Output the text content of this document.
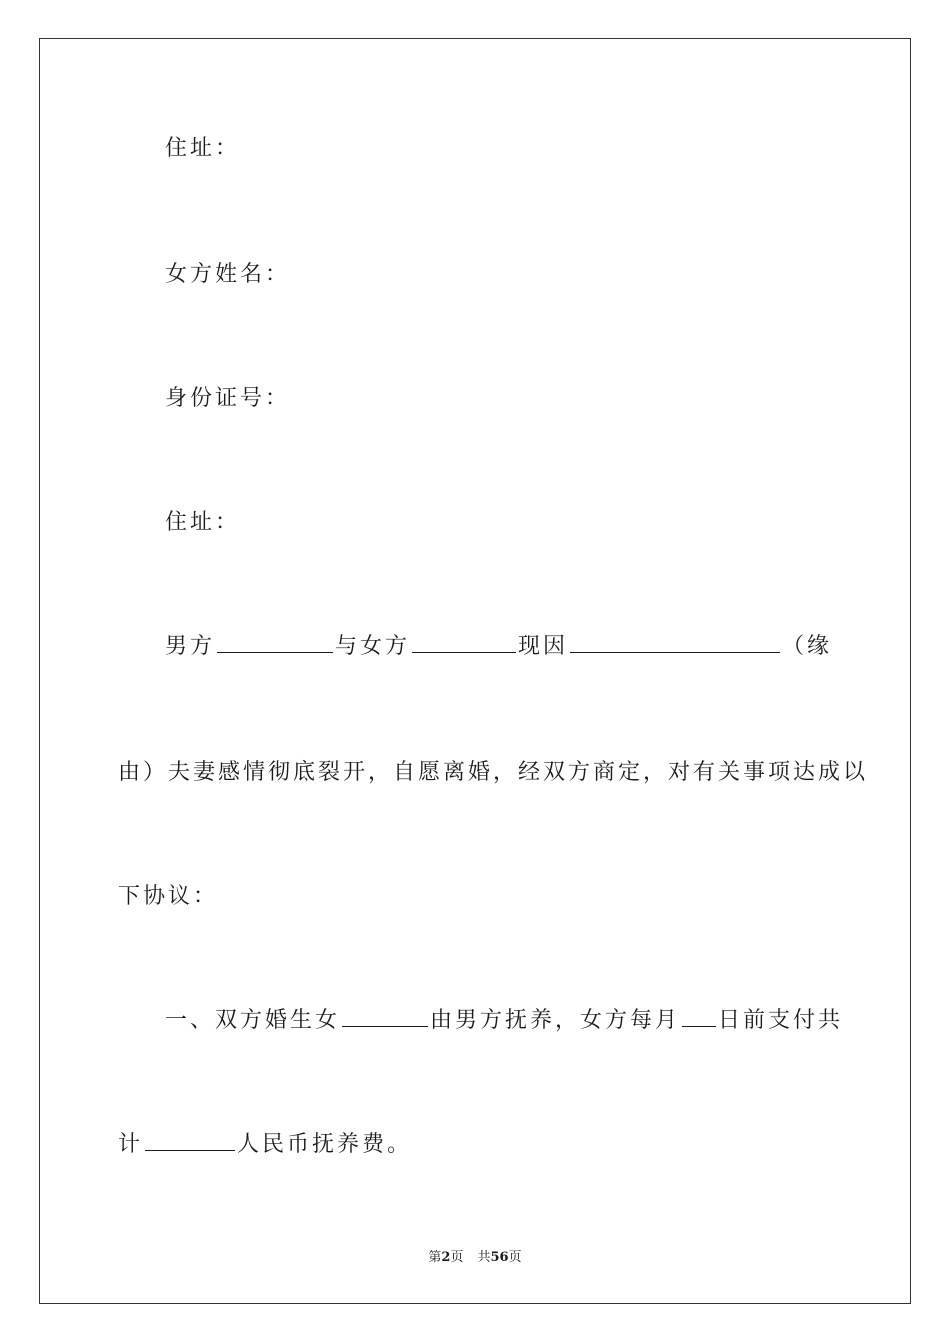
住址：
女方姓名：
身份证号：
住址：
男方	与女方	现因	（缘
由）夫妻感情彻底裂开，自愿离婚，经双方商定，对有关事项达成以
下协议：
一、双方婚生女	由男方抚养，女方每月 日前支付共
计	人民币抚养费。
第2页 共56页
